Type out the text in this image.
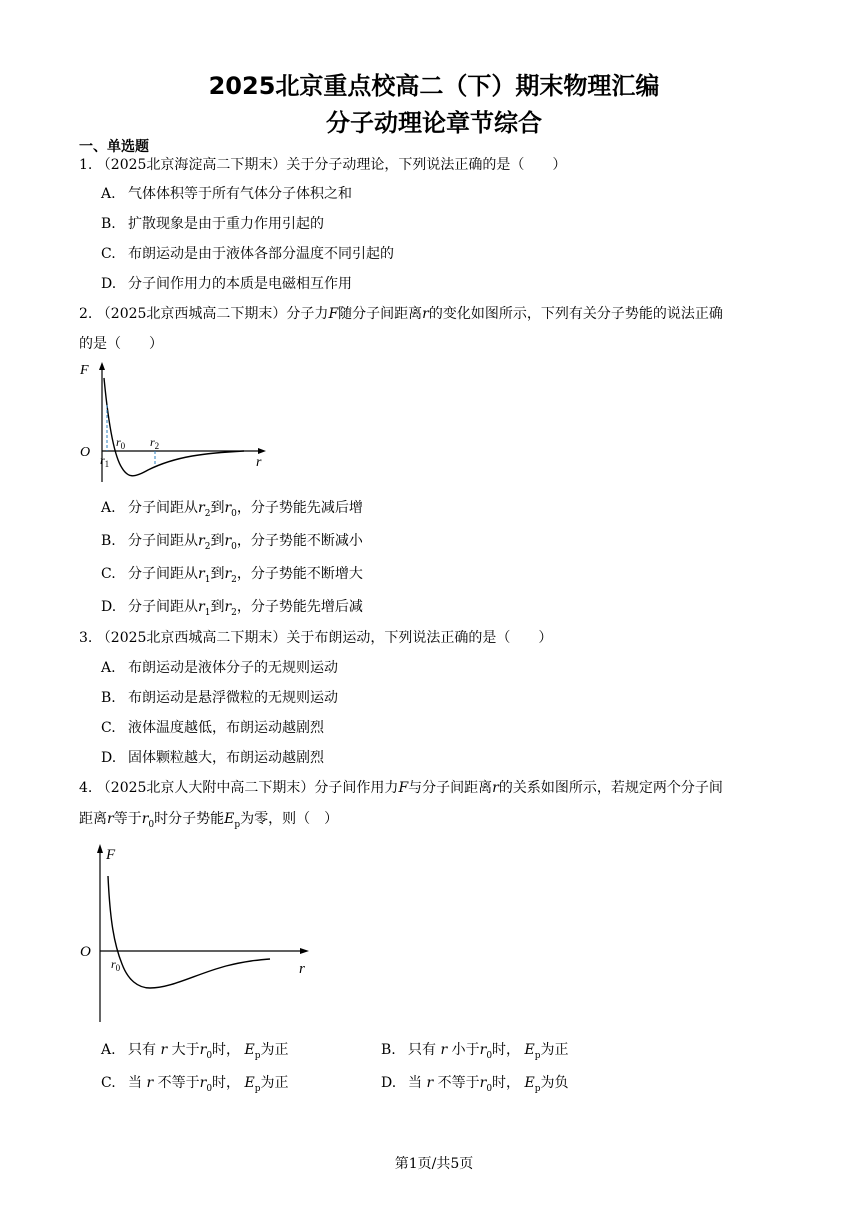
2025北京重点校高二（下）期末物理汇编
分子动理论章节综合
一、单选题
1. （2025北京海淀高二下期末）关于分子动理论，下列说法正确的是（　　）
A. 气体体积等于所有气体分子体积之和
B. 扩散现象是由于重力作用引起的
C. 布朗运动是由于液体各部分温度不同引起的
D. 分子间作用力的本质是电磁相互作用
2. （2025北京西城高二下期末）分子力F随分子间距离r的变化如图所示，下列有关分子势能的说法正确
的是（　　）
F
O
r
$r_0$
$r_1$
$r_2$
A. 分子间距从$r_2$到$r_0$，分子势能先减后增
B. 分子间距从$r_2$到$r_0$，分子势能不断减小
C. 分子间距从$r_1$到$r_2$，分子势能不断增大
D. 分子间距从$r_1$到$r_2$，分子势能先增后减
3. （2025北京西城高二下期末）关于布朗运动，下列说法正确的是（　　）
A. 布朗运动是液体分子的无规则运动
B. 布朗运动是悬浮微粒的无规则运动
C. 液体温度越低，布朗运动越剧烈
D. 固体颗粒越大，布朗运动越剧烈
4. （2025北京人大附中高二下期末）分子间作用力F与分子间距离r的关系如图所示，若规定两个分子间
距离r等于$r_0$时分子势能$E_p$为零，则（　）
F
O
r
$r_0$
A. 只有 r 大于$r_0$时， $E_p$为正	B. 只有 r 小于$r_0$时， $E_p$为正
C. 当 r 不等于$r_0$时， $E_p$为正	D. 当 r 不等于$r_0$时， $E_p$为负
第1页/共5页
